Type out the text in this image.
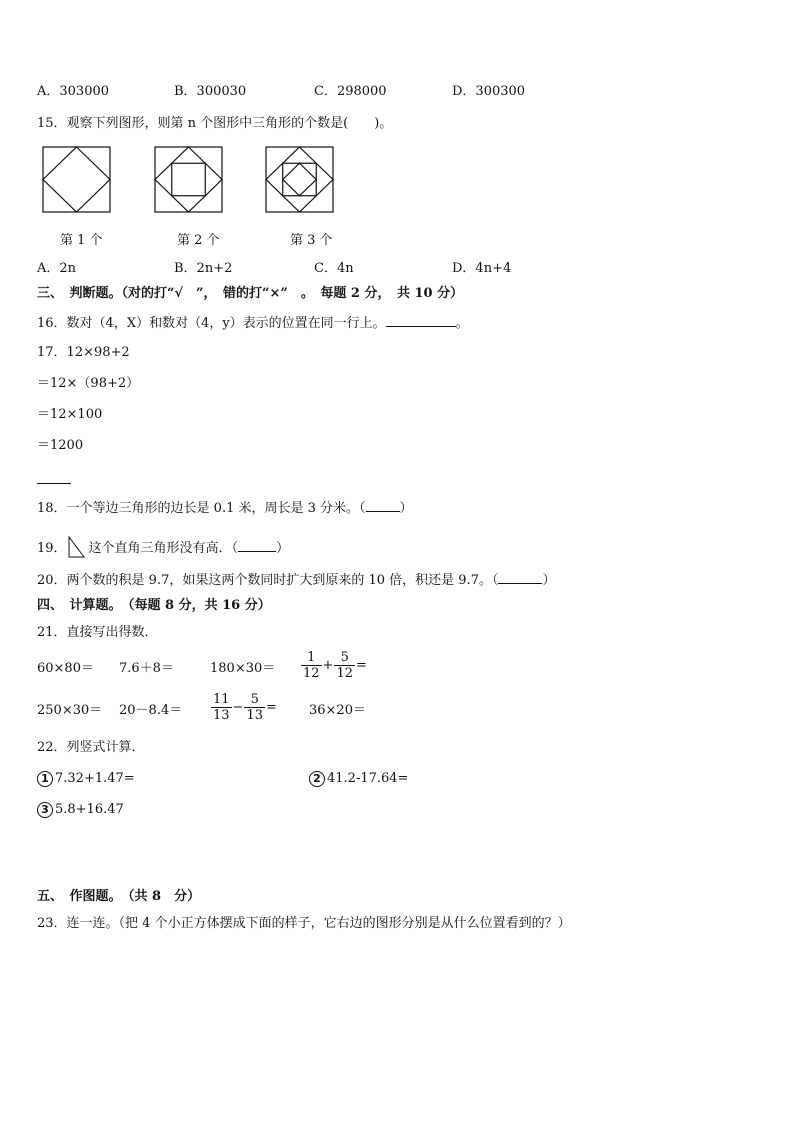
A．303000	B．300030	C．298000	D．300300
15．观察下列图形，则第 n 个图形中三角形的个数是(　　)。
第 1 个	第 2 个	第 3 个
A．2n	B．2n+2	C．4n	D．4n+4
三、　判断题。（对的打“√　”，　错的打“×”　。　每题 2 分，　共 10 分）
16．数对（4，X）和数对（4，y）表示的位置在同一行上。	。
17．12×98+2
＝12×（98+2）
＝12×100
＝1200
18．一个等边三角形的边长是 0.1 米，周长是 3 分米。（	）
19． 这个直角三角形没有高．（	）
20．两个数的积是 9.7，如果这两个数同时扩大到原来的 10 倍，积还是 9.7。（	）
四、　计算题。　（每题 8 分，共 16 分）
21．直接写出得数．
60×80＝ 7.6＋8＝	$180\times 30= \frac{1}{12} + \frac{5}{12}$ =
$250\times 30= 20-8.4= \frac{11}{13} - \frac{5}{13} = 36\times 20=$
22．列竖式计算．
1 7.32+1.47=	2 41.2-17.64=
3 5.8+16.47
五、　作图题。　（共 8　分）
23．连一连。（把 4 个小正方体摆成下面的样子，它右边的图形分别是从什么位置看到的？）
